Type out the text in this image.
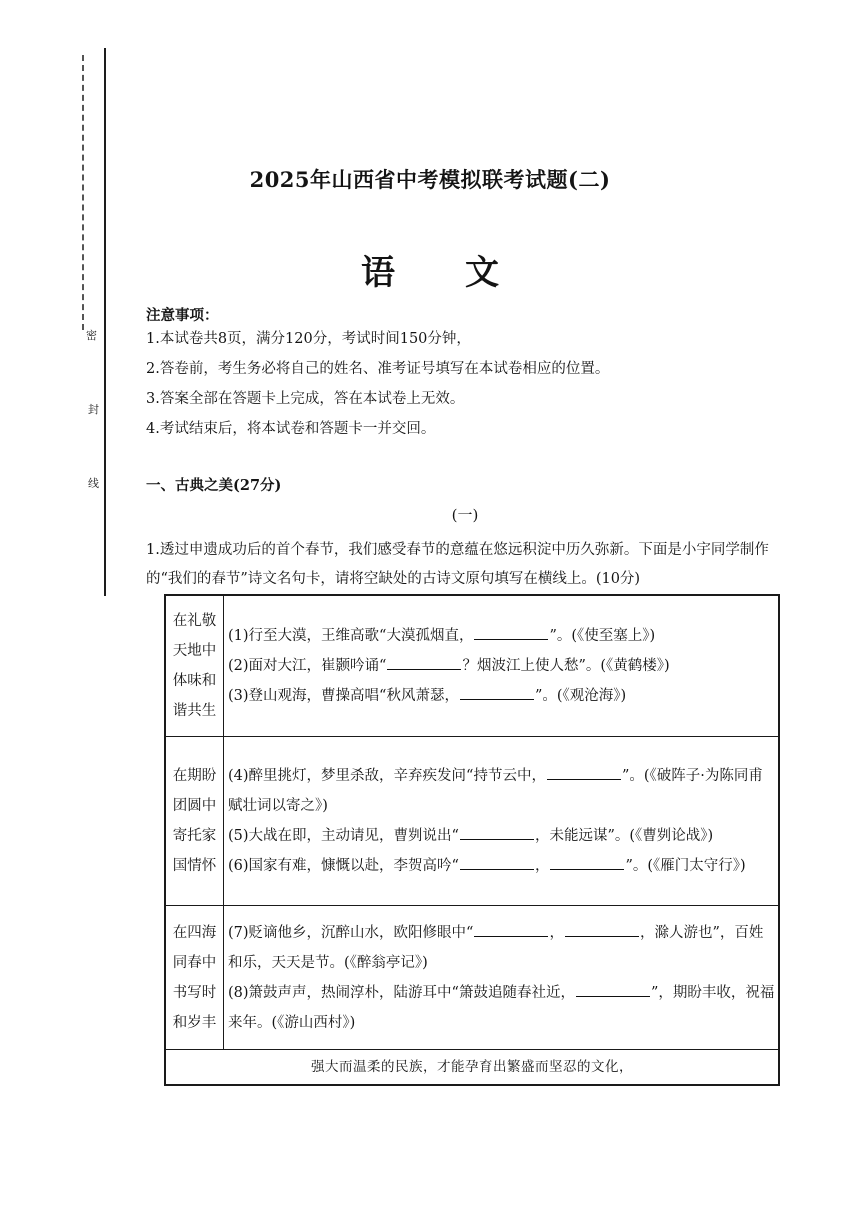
密
封
线
2025年山西省中考模拟联考试题(二)
语文
注意事项：
1.本试卷共8页，满分120分，考试时间150分钟，
2.答卷前，考生务必将自己的姓名、准考证号填写在本试卷相应的位置。
3.答案全部在答题卡上完成，答在本试卷上无效。
4.考试结束后，将本试卷和答题卡一并交回。
一、古典之美(27分)
(一)
1.透过申遗成功后的首个春节，我们感受春节的意蕴在悠远积淀中历久弥新。下面是小宇同学制作的“我们的春节”诗文名句卡，请将空缺处的古诗文原句填写在横线上。(10分)
在礼敬天地中体味和谐共生
(1)行至大漠，王维高歌“大漠孤烟直，	”。(《使至塞上》)
(2)面对大江，崔颢吟诵“	？烟波江上使人愁”。(《黄鹤楼》)
(3)登山观海，曹操高唱“秋风萧瑟，	”。(《观沧海》)
在期盼团圆中寄托家国情怀
(4)醉里挑灯，梦里杀敌，辛弃疾发问“持节云中，	”。(《破阵子·为陈同甫赋壮词以寄之》)
(5)大战在即，主动请见，曹刿说出“	，未能远谋”。(《曹刿论战》)
(6)国家有难，慷慨以赴，李贺高吟“	，	”。(《雁门太守行》)
在四海同春中书写时和岁丰
(7)贬谪他乡，沉醉山水，欧阳修眼中“	，	，滁人游也”，百姓和乐，天天是节。(《醉翁亭记》)
(8)箫鼓声声，热闹淳朴，陆游耳中“箫鼓追随春社近，	”，期盼丰收，祝福来年。(《游山西村》)
强大而温柔的民族，才能孕育出繁盛而坚忍的文化，
